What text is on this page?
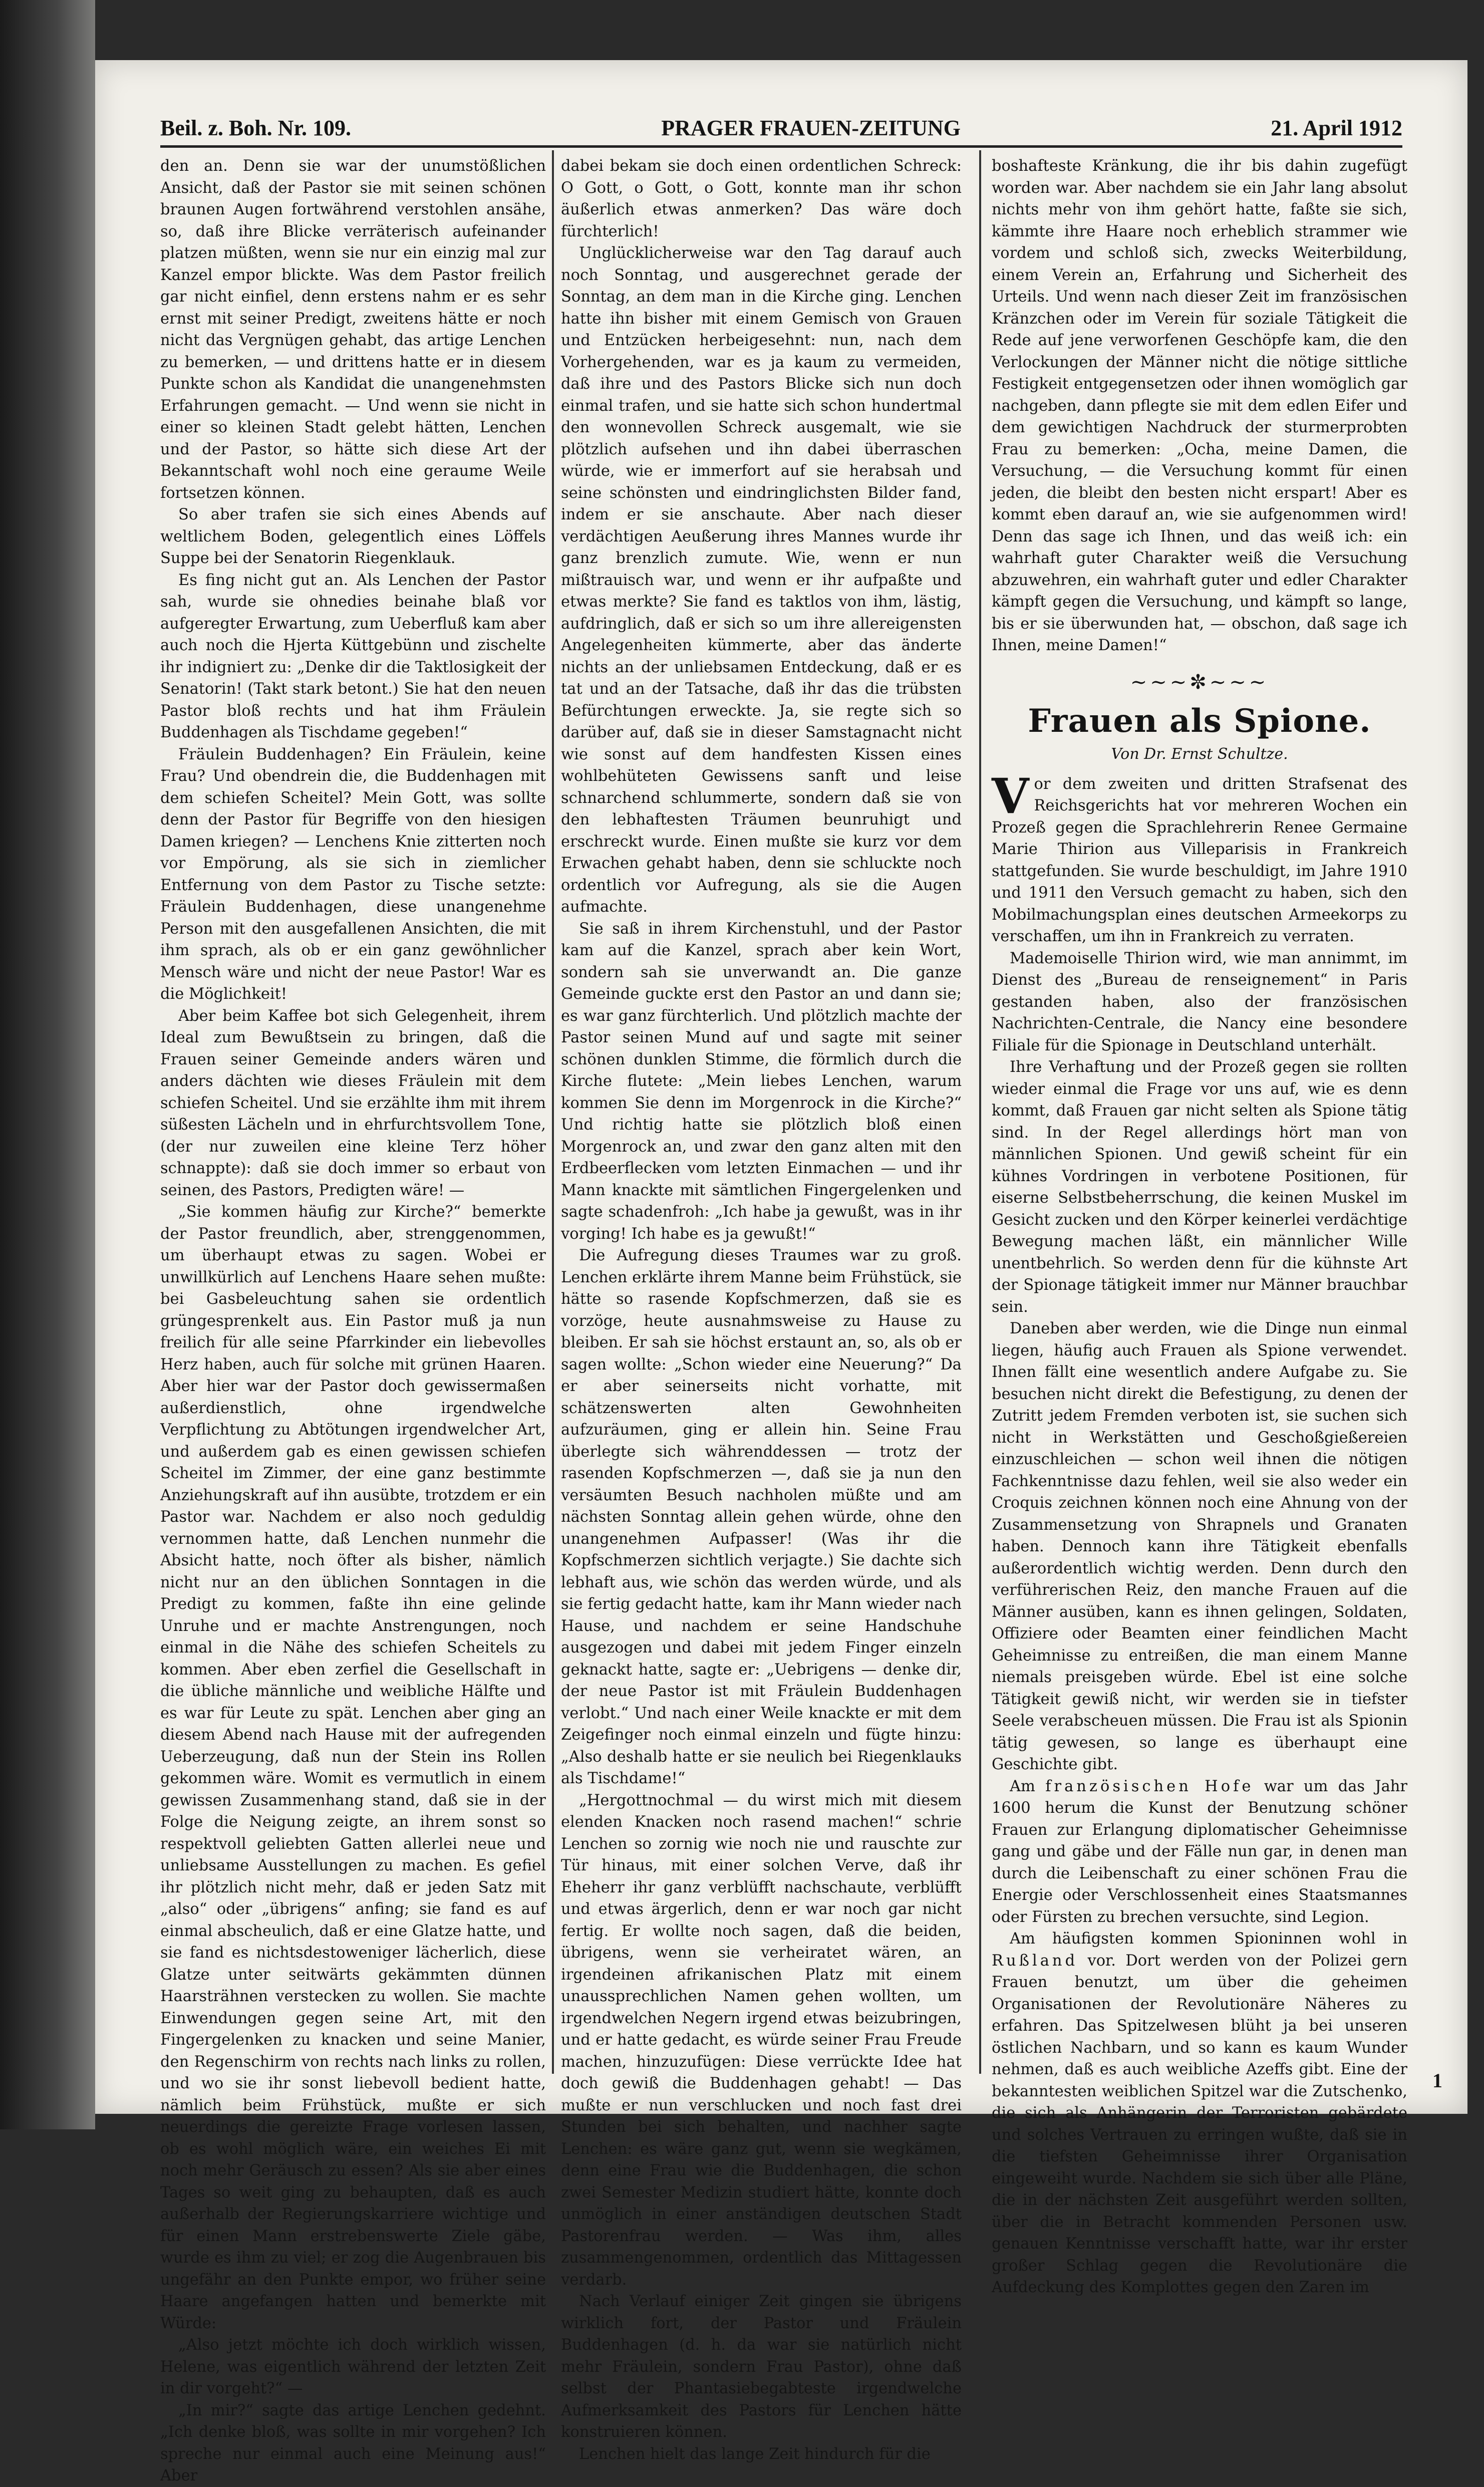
Beil. z. Boh. Nr. 109.	PRAGER FRAUEN-ZEITUNG	21. April 1912

den an. Denn sie war der unumstößlichen Ansicht, daß der Pastor sie mit seinen schönen braunen Augen fortwährend verstohlen ansähe, so, daß ihre Blicke verräterisch aufeinander platzen müßten, wenn sie nur ein einzig mal zur Kanzel empor blickte. Was dem Pastor freilich gar nicht einfiel, denn erstens nahm er es sehr ernst mit seiner Predigt, zweitens hätte er noch nicht das Vergnügen gehabt, das artige Lenchen zu bemerken, — und drittens hatte er in diesem Punkte schon als Kandidat die unangenehmsten Erfahrungen gemacht. — Und wenn sie nicht in einer so kleinen Stadt gelebt hätten, Lenchen und der Pastor, so hätte sich diese Art der Bekanntschaft wohl noch eine geraume Weile fortsetzen können.

So aber trafen sie sich eines Abends auf weltlichem Boden, gelegentlich eines Löffels Suppe bei der Senatorin Riegenklauk.

Es fing nicht gut an. Als Lenchen der Pastor sah, wurde sie ohnedies beinahe blaß vor aufgeregter Erwartung, zum Ueberfluß kam aber auch noch die Hjerta Küttgebünn und zischelte ihr indigniert zu: „Denke dir die Taktlosigkeit der Senatorin! (Takt stark betont.) Sie hat den neuen Pastor bloß rechts und hat ihm Fräulein Buddenhagen als Tischdame gegeben!“

Fräulein Buddenhagen? Ein Fräulein, keine Frau? Und obendrein die, die Buddenhagen mit dem schiefen Scheitel? Mein Gott, was sollte denn der Pastor für Begriffe von den hiesigen Damen kriegen? — Lenchens Knie zitterten noch vor Empörung, als sie sich in ziemlicher Entfernung von dem Pastor zu Tische setzte: Fräulein Buddenhagen, diese unangenehme Person mit den ausgefallenen Ansichten, die mit ihm sprach, als ob er ein ganz gewöhnlicher Mensch wäre und nicht der neue Pastor! War es die Möglichkeit!

Aber beim Kaffee bot sich Gelegenheit, ihrem Ideal zum Bewußtsein zu bringen, daß die Frauen seiner Gemeinde anders wären und anders dächten wie dieses Fräulein mit dem schiefen Scheitel. Und sie erzählte ihm mit ihrem süßesten Lächeln und in ehrfurchtsvollem Tone, (der nur zuweilen eine kleine Terz höher schnappte): daß sie doch immer so erbaut von seinen, des Pastors, Predigten wäre! —

„Sie kommen häufig zur Kirche?“ bemerkte der Pastor freundlich, aber, strenggenommen, um überhaupt etwas zu sagen. Wobei er unwillkürlich auf Lenchens Haare sehen mußte: bei Gasbeleuchtung sahen sie ordentlich grüngesprenkelt aus. Ein Pastor muß ja nun freilich für alle seine Pfarrkinder ein liebevolles Herz haben, auch für solche mit grünen Haaren. Aber hier war der Pastor doch gewissermaßen außerdienstlich, ohne irgendwelche Verpflichtung zu Abtötungen irgendwelcher Art, und außerdem gab es einen gewissen schiefen Scheitel im Zimmer, der eine ganz bestimmte Anziehungskraft auf ihn ausübte, trotzdem er ein Pastor war. Nachdem er also noch geduldig vernommen hatte, daß Lenchen nunmehr die Absicht hatte, noch öfter als bisher, nämlich nicht nur an den üblichen Sonntagen in die Predigt zu kommen, faßte ihn eine gelinde Unruhe und er machte Anstrengungen, noch einmal in die Nähe des schiefen Scheitels zu kommen. Aber eben zerfiel die Gesellschaft in die übliche männliche und weibliche Hälfte und es war für Leute zu spät. Lenchen aber ging an diesem Abend nach Hause mit der aufregenden Ueberzeugung, daß nun der Stein ins Rollen gekommen wäre. Womit es vermutlich in einem gewissen Zusammenhang stand, daß sie in der Folge die Neigung zeigte, an ihrem sonst so respektvoll geliebten Gatten allerlei neue und unliebsame Ausstellungen zu machen. Es gefiel ihr plötzlich nicht mehr, daß er jeden Satz mit „also“ oder „übrigens“ anfing; sie fand es auf einmal abscheulich, daß er eine Glatze hatte, und sie fand es nichtsdestoweniger lächerlich, diese Glatze unter seitwärts gekämmten dünnen Haarsträhnen verstecken zu wollen. Sie machte Einwendungen gegen seine Art, mit den Fingergelenken zu knacken und seine Manier, den Regenschirm von rechts nach links zu rollen, und wo sie ihr sonst liebevoll bedient hatte, nämlich beim Frühstück, mußte er sich neuerdings die gereizte Frage vorlesen lassen, ob es wohl möglich wäre, ein weiches Ei mit noch mehr Geräusch zu essen? Als sie aber eines Tages so weit ging zu behaupten, daß es auch außerhalb der Regierungskarriere wichtige und für einen Mann erstrebenswerte Ziele gäbe, wurde es ihm zu viel; er zog die Augenbrauen bis ungefähr an den Punkte empor, wo früher seine Haare angefangen hatten und bemerkte mit Würde:

„Also jetzt möchte ich doch wirklich wissen, Helene, was eigentlich während der letzten Zeit in dir vorgeht?“ —

„In mir?“ sagte das artige Lenchen gedehnt. „Ich denke bloß, was sollte in mir vorgehen? Ich spreche nur einmal auch eine Meinung aus!“ Aber

dabei bekam sie doch einen ordentlichen Schreck: O Gott, o Gott, o Gott, konnte man ihr schon äußerlich etwas anmerken? Das wäre doch fürchterlich!

Unglücklicherweise war den Tag darauf auch noch Sonntag, und ausgerechnet gerade der Sonntag, an dem man in die Kirche ging. Lenchen hatte ihn bisher mit einem Gemisch von Grauen und Entzücken herbeigesehnt: nun, nach dem Vorhergehenden, war es ja kaum zu vermeiden, daß ihre und des Pastors Blicke sich nun doch einmal trafen, und sie hatte sich schon hundertmal den wonnevollen Schreck ausgemalt, wie sie plötzlich aufsehen und ihn dabei überraschen würde, wie er immerfort auf sie herabsah und seine schönsten und eindringlichsten Bilder fand, indem er sie anschaute. Aber nach dieser verdächtigen Aeußerung ihres Mannes wurde ihr ganz brenzlich zumute. Wie, wenn er nun mißtrauisch war, und wenn er ihr aufpaßte und etwas merkte? Sie fand es taktlos von ihm, lästig, aufdringlich, daß er sich so um ihre allereigensten Angelegenheiten kümmerte, aber das änderte nichts an der unliebsamen Entdeckung, daß er es tat und an der Tatsache, daß ihr das die trübsten Befürchtungen erweckte. Ja, sie regte sich so darüber auf, daß sie in dieser Samstagnacht nicht wie sonst auf dem handfesten Kissen eines wohlbehüteten Gewissens sanft und leise schnarchend schlummerte, sondern daß sie von den lebhaftesten Träumen beunruhigt und erschreckt wurde. Einen mußte sie kurz vor dem Erwachen gehabt haben, denn sie schluckte noch ordentlich vor Aufregung, als sie die Augen aufmachte.

Sie saß in ihrem Kirchenstuhl, und der Pastor kam auf die Kanzel, sprach aber kein Wort, sondern sah sie unverwandt an. Die ganze Gemeinde guckte erst den Pastor an und dann sie; es war ganz fürchterlich. Und plötzlich machte der Pastor seinen Mund auf und sagte mit seiner schönen dunklen Stimme, die förmlich durch die Kirche flutete: „Mein liebes Lenchen, warum kommen Sie denn im Morgenrock in die Kirche?“ Und richtig hatte sie plötzlich bloß einen Morgenrock an, und zwar den ganz alten mit den Erdbeerflecken vom letzten Einmachen — und ihr Mann knackte mit sämtlichen Fingergelenken und sagte schadenfroh: „Ich habe ja gewußt, was in ihr vorging! Ich habe es ja gewußt!“

Die Aufregung dieses Traumes war zu groß. Lenchen erklärte ihrem Manne beim Frühstück, sie hätte so rasende Kopfschmerzen, daß sie es vorzöge, heute ausnahmsweise zu Hause zu bleiben. Er sah sie höchst erstaunt an, so, als ob er sagen wollte: „Schon wieder eine Neuerung?“ Da er aber seinerseits nicht vorhatte, mit schätzenswerten alten Gewohnheiten aufzuräumen, ging er allein hin. Seine Frau überlegte sich währenddessen — trotz der rasenden Kopfschmerzen —, daß sie ja nun den versäumten Besuch nachholen müßte und am nächsten Sonntag allein gehen würde, ohne den unangenehmen Aufpasser! (Was ihr die Kopfschmerzen sichtlich verjagte.) Sie dachte sich lebhaft aus, wie schön das werden würde, und als sie fertig gedacht hatte, kam ihr Mann wieder nach Hause, und nachdem er seine Handschuhe ausgezogen und dabei mit jedem Finger einzeln geknackt hatte, sagte er: „Uebrigens — denke dir, der neue Pastor ist mit Fräulein Buddenhagen verlobt.“ Und nach einer Weile knackte er mit dem Zeigefinger noch einmal einzeln und fügte hinzu: „Also deshalb hatte er sie neulich bei Riegenklauks als Tischdame!“

„Hergottnochmal — du wirst mich mit diesem elenden Knacken noch rasend machen!“ schrie Lenchen so zornig wie noch nie und rauschte zur Tür hinaus, mit einer solchen Verve, daß ihr Eheherr ihr ganz verblüfft nachschaute, verblüfft und etwas ärgerlich, denn er war noch gar nicht fertig. Er wollte noch sagen, daß die beiden, übrigens, wenn sie verheiratet wären, an irgendeinen afrikanischen Platz mit einem unaussprechlichen Namen gehen wollten, um irgendwelchen Negern irgend etwas beizubringen, und er hatte gedacht, es würde seiner Frau Freude machen, hinzuzufügen: Diese verrückte Idee hat doch gewiß die Buddenhagen gehabt! — Das mußte er nun verschlucken und noch fast drei Stunden bei sich behalten, und nachher sagte Lenchen: es wäre ganz gut, wenn sie wegkämen, denn eine Frau wie die Buddenhagen, die schon zwei Semester Medizin studiert hätte, konnte doch unmöglich in einer anständigen deutschen Stadt Pastorenfrau werden. — Was ihm, alles zusammengenommen, ordentlich das Mittagessen verdarb.

Nach Verlauf einiger Zeit gingen sie übrigens wirklich fort, der Pastor und Fräulein Buddenhagen (d. h. da war sie natürlich nicht mehr Fräulein, sondern Frau Pastor), ohne daß selbst der Phantasiebegabteste irgendwelche Aufmerksamkeit des Pastors für Lenchen hätte konstruieren können.

Lenchen hielt das lange Zeit hindurch für die

boshafteste Kränkung, die ihr bis dahin zugefügt worden war. Aber nachdem sie ein Jahr lang absolut nichts mehr von ihm gehört hatte, faßte sie sich, kämmte ihre Haare noch erheblich strammer wie vordem und schloß sich, zwecks Weiterbildung, einem Verein an, Erfahrung und Sicherheit des Urteils. Und wenn nach dieser Zeit im französischen Kränzchen oder im Verein für soziale Tätigkeit die Rede auf jene verworfenen Geschöpfe kam, die den Verlockungen der Männer nicht die nötige sittliche Festigkeit entgegensetzen oder ihnen womöglich gar nachgeben, dann pflegte sie mit dem edlen Eifer und dem gewichtigen Nachdruck der sturmerprobten Frau zu bemerken: „Ocha, meine Damen, die Versuchung, — die Versuchung kommt für einen jeden, die bleibt den besten nicht erspart! Aber es kommt eben darauf an, wie sie aufgenommen wird! Denn das sage ich Ihnen, und das weiß ich: ein wahrhaft guter Charakter weiß die Versuchung abzuwehren, ein wahrhaft guter und edler Charakter kämpft gegen die Versuchung, und kämpft so lange, bis er sie überwunden hat, — obschon, daß sage ich Ihnen, meine Damen!“

~~~✼~~~
Frauen als Spione.
Von Dr. Ernst Schultze.

Vor dem zweiten und dritten Strafsenat des Reichsgerichts hat vor mehreren Wochen ein Prozeß gegen die Sprachlehrerin Renee Germaine Marie Thirion aus Villeparisis in Frankreich stattgefunden. Sie wurde beschuldigt, im Jahre 1910 und 1911 den Versuch gemacht zu haben, sich den Mobilmachungsplan eines deutschen Armeekorps zu verschaffen, um ihn in Frankreich zu verraten.

Mademoiselle Thirion wird, wie man annimmt, im Dienst des „Bureau de renseignement“ in Paris gestanden haben, also der französischen Nachrichten-Centrale, die Nancy eine besondere Filiale für die Spionage in Deutschland unterhält.

Ihre Verhaftung und der Prozeß gegen sie rollten wieder einmal die Frage vor uns auf, wie es denn kommt, daß Frauen gar nicht selten als Spione tätig sind. In der Regel allerdings hört man von männlichen Spionen. Und gewiß scheint für ein kühnes Vordringen in verbotene Positionen, für eiserne Selbstbeherrschung, die keinen Muskel im Gesicht zucken und den Körper keinerlei verdächtige Bewegung machen läßt, ein männlicher Wille unentbehrlich. So werden denn für die kühnste Art der Spionage tätigkeit immer nur Männer brauchbar sein.

Daneben aber werden, wie die Dinge nun einmal liegen, häufig auch Frauen als Spione verwendet. Ihnen fällt eine wesentlich andere Aufgabe zu. Sie besuchen nicht direkt die Befestigung, zu denen der Zutritt jedem Fremden verboten ist, sie suchen sich nicht in Werkstätten und Geschoßgießereien einzuschleichen — schon weil ihnen die nötigen Fachkenntnisse dazu fehlen, weil sie also weder ein Croquis zeichnen können noch eine Ahnung von der Zusammensetzung von Shrapnels und Granaten haben. Dennoch kann ihre Tätigkeit ebenfalls außerordentlich wichtig werden. Denn durch den verführerischen Reiz, den manche Frauen auf die Männer ausüben, kann es ihnen gelingen, Soldaten, Offiziere oder Beamten einer feindlichen Macht Geheimnisse zu entreißen, die man einem Manne niemals preisgeben würde. Ebel ist eine solche Tätigkeit gewiß nicht, wir werden sie in tiefster Seele verabscheuen müssen. Die Frau ist als Spionin tätig gewesen, so lange es überhaupt eine Geschichte gibt.

Am französischen Hofe war um das Jahr 1600 herum die Kunst der Benutzung schöner Frauen zur Erlangung diplomatischer Geheimnisse gang und gäbe und der Fälle nun gar, in denen man durch die Leibenschaft zu einer schönen Frau die Energie oder Verschlossenheit eines Staatsmannes oder Fürsten zu brechen versuchte, sind Legion.

Am häufigsten kommen Spioninnen wohl in Rußland vor. Dort werden von der Polizei gern Frauen benutzt, um über die geheimen Organisationen der Revolutionäre Näheres zu erfahren. Das Spitzelwesen blüht ja bei unseren östlichen Nachbarn, und so kann es kaum Wunder nehmen, daß es auch weibliche Azeffs gibt. Eine der bekanntesten weiblichen Spitzel war die Zutschenko, die sich als Anhängerin der Terroristen gebärdete und solches Vertrauen zu erringen wußte, daß sie in die tiefsten Geheimnisse ihrer Organisation eingeweiht wurde. Nachdem sie sich über alle Pläne, die in der nächsten Zeit ausgeführt werden sollten, über die in Betracht kommenden Personen usw. genauen Kenntnisse verschafft hatte, war ihr erster großer Schlag gegen die Revolutionäre die Aufdeckung des Komplottes gegen den Zaren im

1
